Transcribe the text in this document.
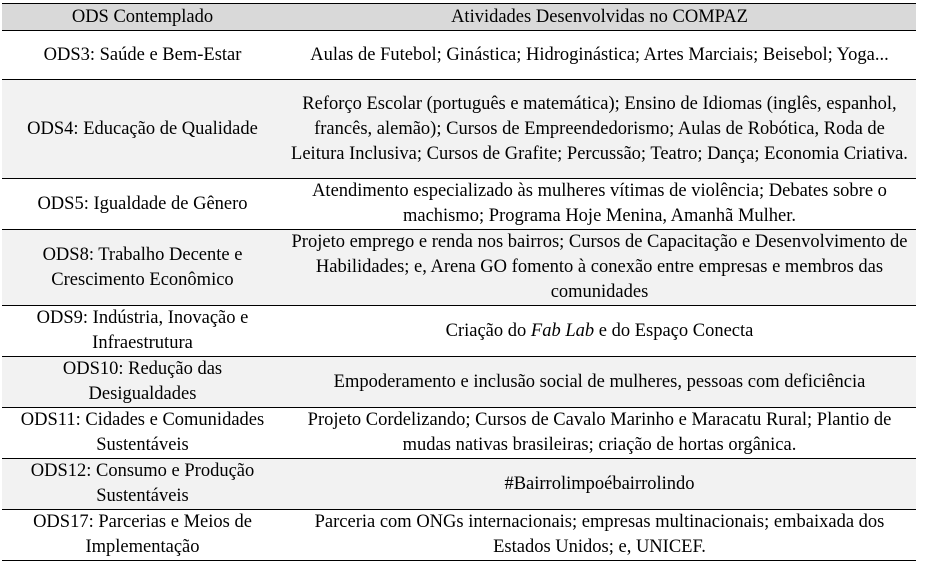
ODS Contemplado	Atividades Desenvolvidas no COMPAZ
ODS3: Saúde e Bem-Estar	Aulas de Futebol; Ginástica; Hidroginástica; Artes Marciais; Beisebol; Yoga...
ODS4: Educação de Qualidade	Reforço Escolar (português e matemática); Ensino de Idiomas (inglês, espanhol, francês, alemão); Cursos de Empreendedorismo; Aulas de Robótica, Roda de Leitura Inclusiva; Cursos de Grafite; Percussão; Teatro; Dança; Economia Criativa.
ODS5: Igualdade de Gênero	Atendimento especializado às mulheres vítimas de violência; Debates sobre o machismo; Programa Hoje Menina, Amanhã Mulher.
ODS8: Trabalho Decente e Crescimento Econômico	Projeto emprego e renda nos bairros; Cursos de Capacitação e Desenvolvimento de Habilidades; e, Arena GO fomento à conexão entre empresas e membros das comunidades
ODS9: Indústria, Inovação e Infraestrutura	Criação do Fab Lab e do Espaço Conecta
ODS10: Redução das Desigualdades	Empoderamento e inclusão social de mulheres, pessoas com deficiência
ODS11: Cidades e Comunidades Sustentáveis	Projeto Cordelizando; Cursos de Cavalo Marinho e Maracatu Rural; Plantio de mudas nativas brasileiras; criação de hortas orgânica.
ODS12: Consumo e Produção Sustentáveis	#Bairrolimpoébairrolindo
ODS17: Parcerias e Meios de Implementação	Parceria com ONGs internacionais; empresas multinacionais; embaixada dos Estados Unidos; e, UNICEF.
